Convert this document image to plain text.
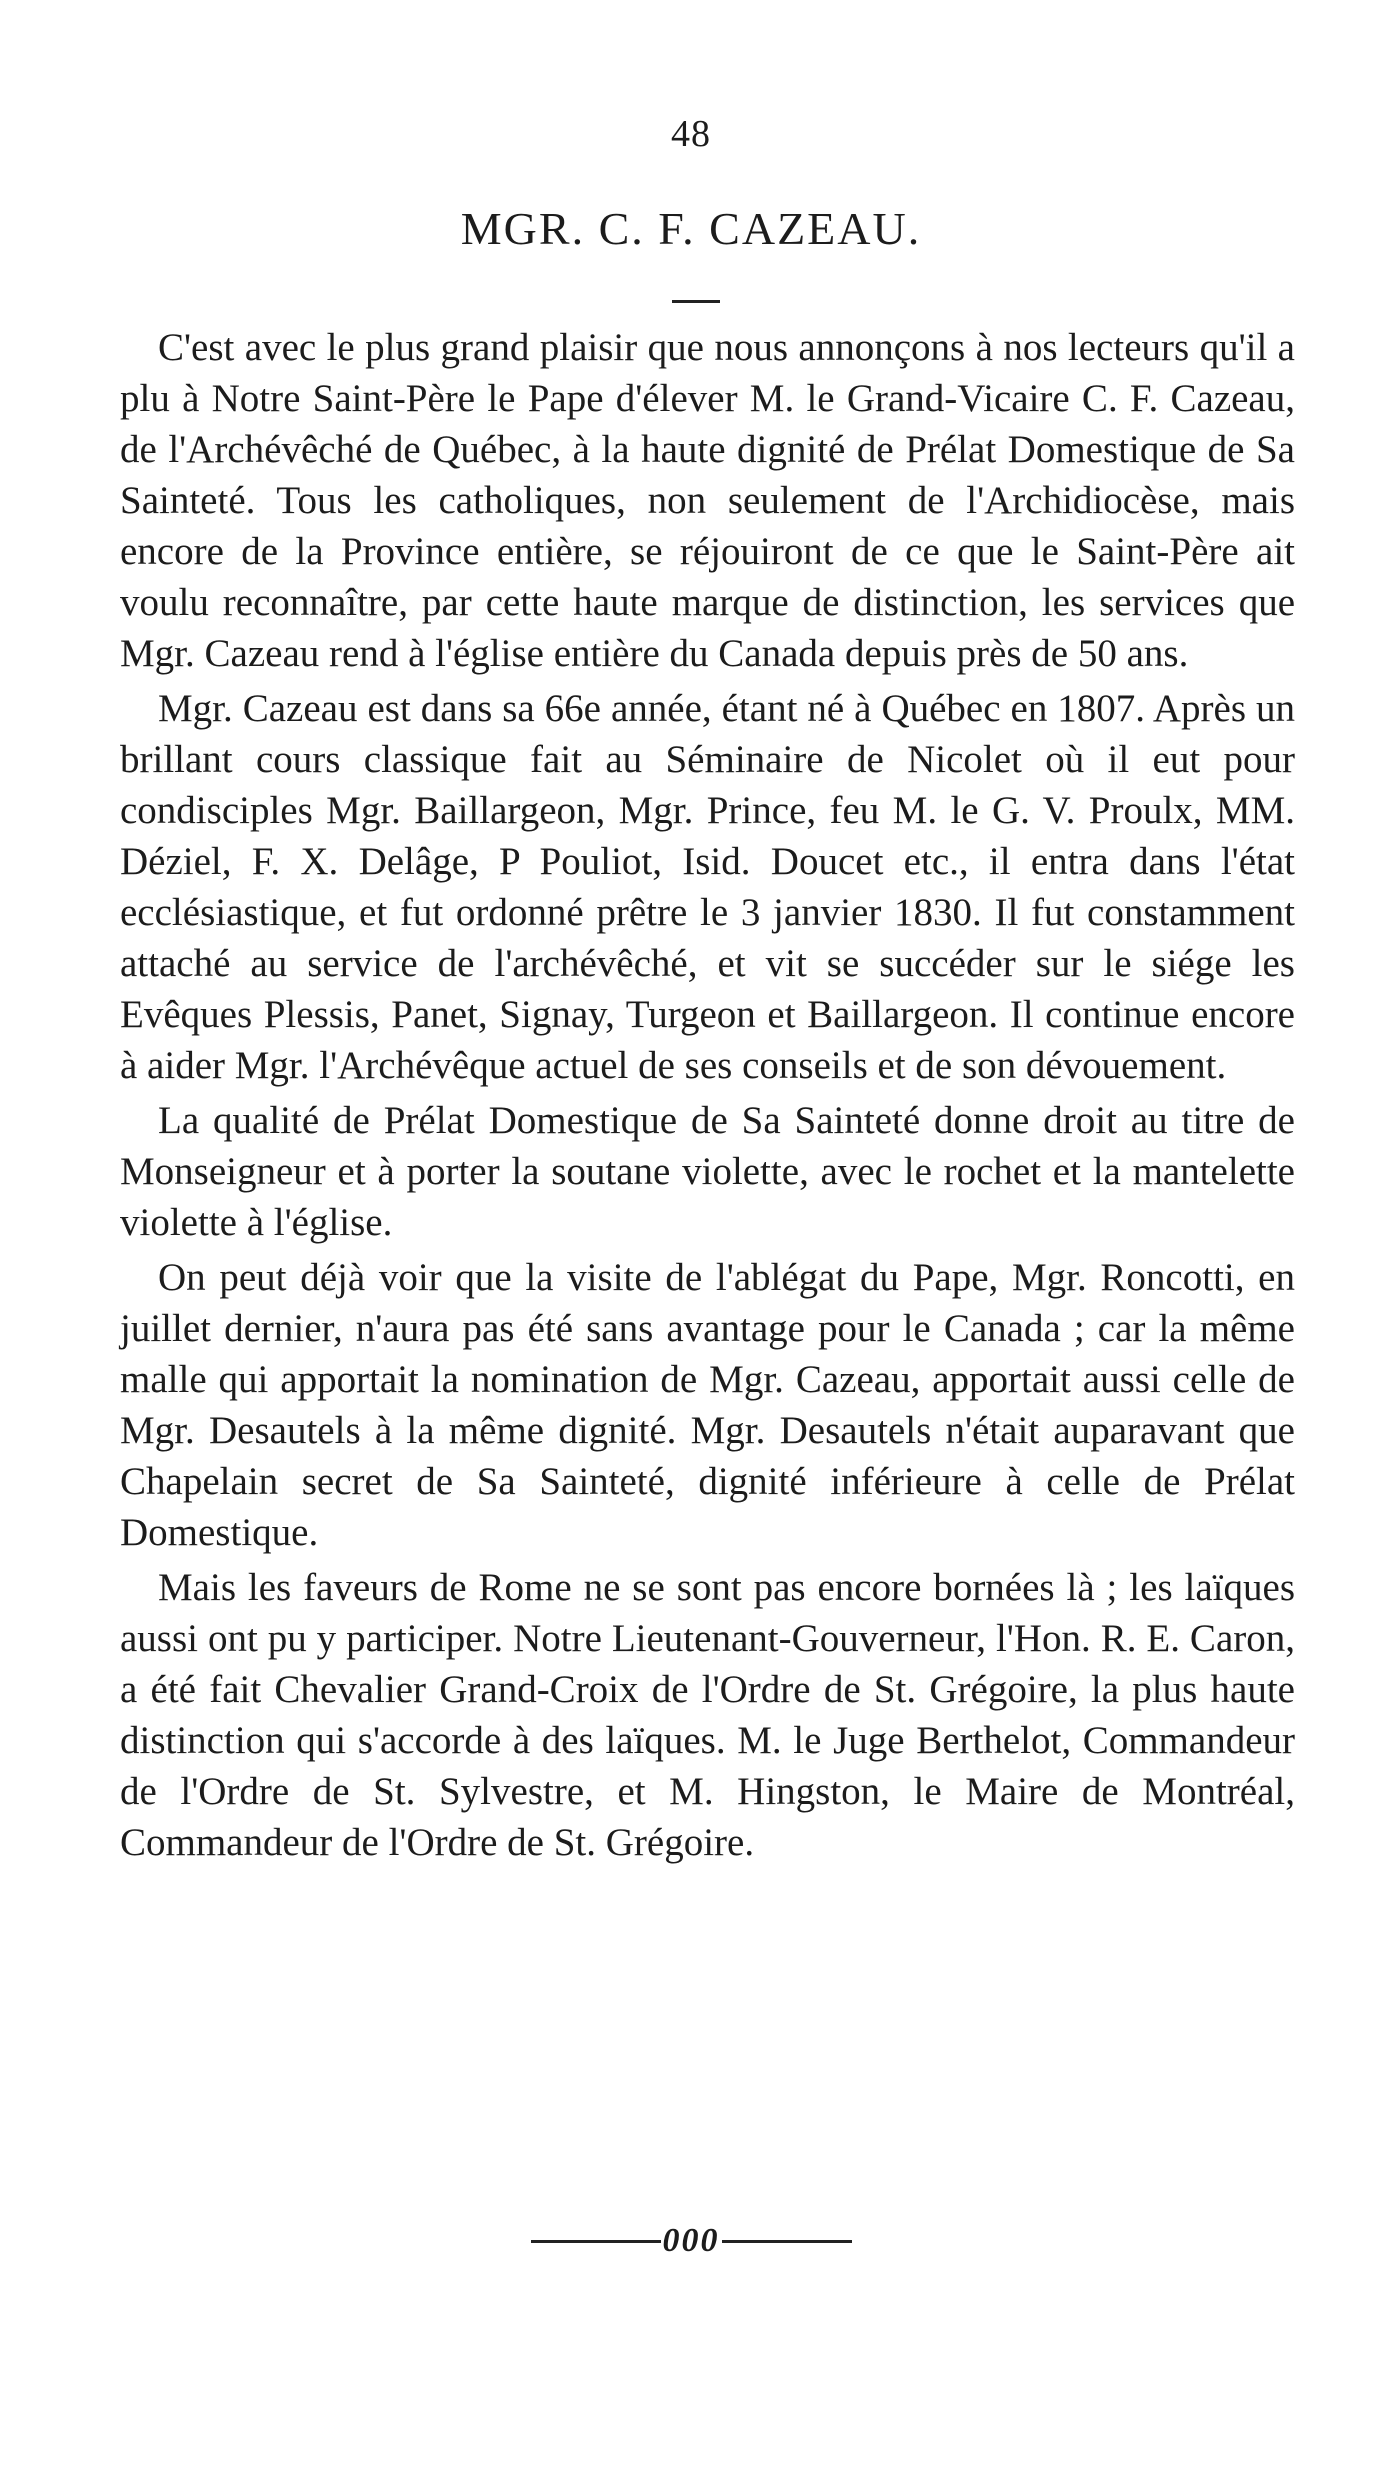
48
MGR. C. F. CAZEAU.

C'est avec le plus grand plaisir que nous annonçons à nos lecteurs qu'il a plu à Notre Saint-Père le Pape d'élever M. le Grand-Vicaire C. F. Cazeau, de l'Archévêché de Québec, à la haute dignité de Prélat Domestique de Sa Sainteté. Tous les catholiques, non seulement de l'Archidiocèse, mais encore de la Province entière, se réjouiront de ce que le Saint-Père ait voulu reconnaître, par cette haute marque de distinction, les services que Mgr. Cazeau rend à l'église entière du Canada depuis près de 50 ans.

Mgr. Cazeau est dans sa 66e année, étant né à Québec en 1807. Après un brillant cours classique fait au Séminaire de Nicolet où il eut pour condisciples Mgr. Baillargeon, Mgr. Prince, feu M. le G. V. Proulx, MM. Déziel, F. X. Delâge, P Pouliot, Isid. Doucet etc., il entra dans l'état ecclésiastique, et fut ordonné prêtre le 3 janvier 1830. Il fut constamment attaché au service de l'archévêché, et vit se succéder sur le siége les Evêques Plessis, Panet, Signay, Turgeon et Baillargeon. Il continue encore à aider Mgr. l'Archévêque actuel de ses conseils et de son dévouement.

La qualité de Prélat Domestique de Sa Sainteté donne droit au titre de Monseigneur et à porter la soutane violette, avec le rochet et la mantelette violette à l'église.

On peut déjà voir que la visite de l'ablégat du Pape, Mgr. Roncotti, en juillet dernier, n'aura pas été sans avantage pour le Canada ; car la même malle qui apportait la nomination de Mgr. Cazeau, apportait aussi celle de Mgr. Desautels à la même dignité. Mgr. Desautels n'était auparavant que Chapelain secret de Sa Sainteté, dignité inférieure à celle de Prélat Domestique.

Mais les faveurs de Rome ne se sont pas encore bornées là ; les laïques aussi ont pu y participer. Notre Lieutenant-Gouverneur, l'Hon. R. E. Caron, a été fait Chevalier Grand-Croix de l'Ordre de St. Grégoire, la plus haute distinction qui s'accorde à des laïques. M. le Juge Berthelot, Commandeur de l'Ordre de St. Sylvestre, et M. Hingston, le Maire de Montréal, Commandeur de l'Ordre de St. Grégoire.

000
